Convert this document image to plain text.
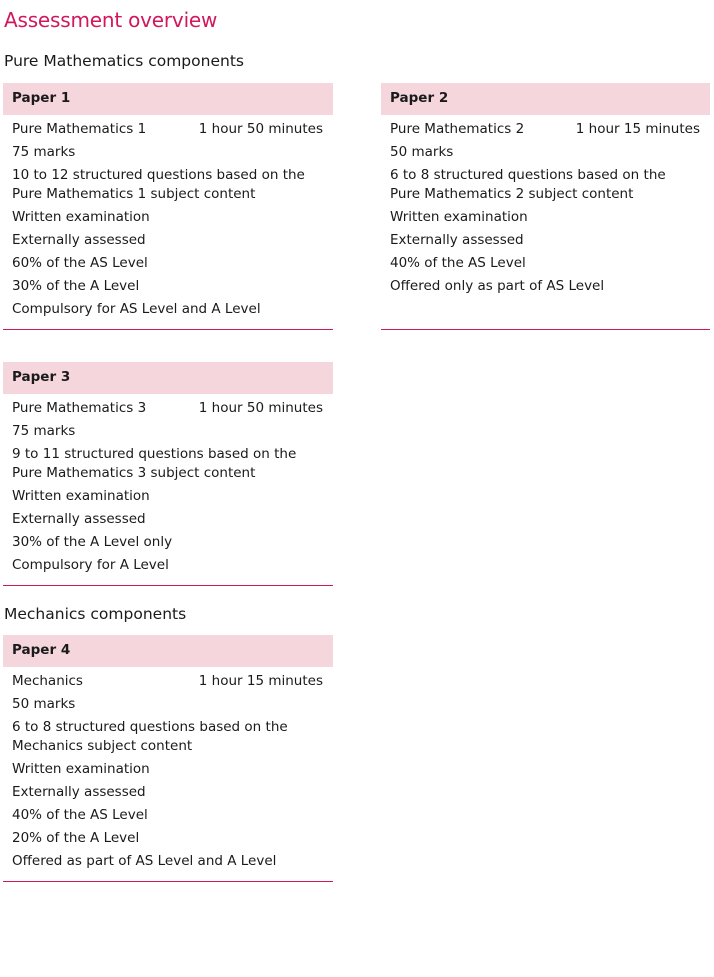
Assessment overview
Pure Mathematics components
Paper 1
Pure Mathematics 1	1 hour 50 minutes
75 marks
10 to 12 structured questions based on the
Pure Mathematics 1 subject content
Written examination
Externally assessed
60% of the AS Level
30% of the A Level
Compulsory for AS Level and A Level
Paper 2
Pure Mathematics 2	1 hour 15 minutes
50 marks
6 to 8 structured questions based on the
Pure Mathematics 2 subject content
Written examination
Externally assessed
40% of the AS Level
Offered only as part of AS Level
Paper 3
Pure Mathematics 3	1 hour 50 minutes
75 marks
9 to 11 structured questions based on the
Pure Mathematics 3 subject content
Written examination
Externally assessed
30% of the A Level only
Compulsory for A Level
Mechanics components
Paper 4
Mechanics	1 hour 15 minutes
50 marks
6 to 8 structured questions based on the
Mechanics subject content
Written examination
Externally assessed
40% of the AS Level
20% of the A Level
Offered as part of AS Level and A Level
